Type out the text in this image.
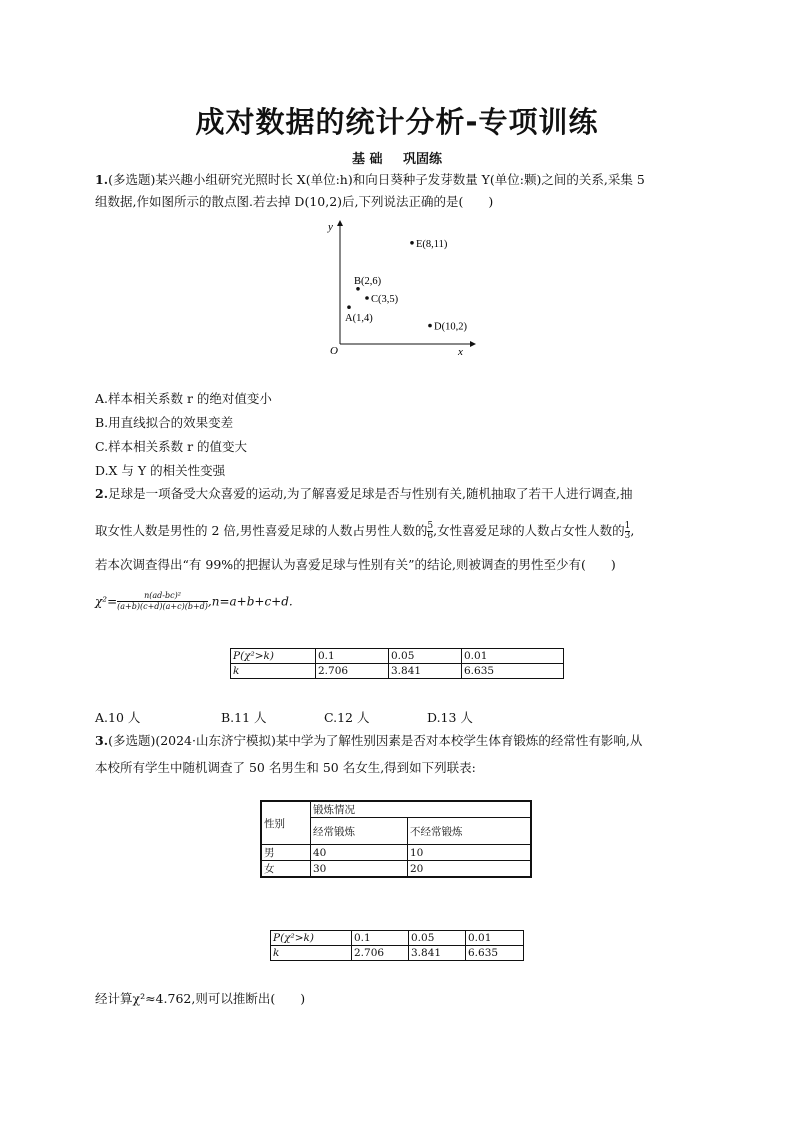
成对数据的统计分析-专项训练
基 础 巩固练
1.(多选题)某兴趣小组研究光照时长 X(单位:h)和向日葵种子发芽数量 Y(单位:颗)之间的关系,采集 5
组数据,作如图所示的散点图.若去掉 D(10,2)后,下列说法正确的是(　　)
x
y
O
A(1,4)
B(2,6)
C(3,5)
D(10,2)
E(8,11)
A.样本相关系数 r 的绝对值变小
B.用直线拟合的效果变差
C.样本相关系数 r 的值变大
D.X 与 Y 的相关性变强
2.足球是一项备受大众喜爱的运动,为了解喜爱足球是否与性别有关,随机抽取了若干人进行调查,抽
取女性人数是男性的 2 倍,男性喜爱足球的人数占男性人数的 $\frac{5}{6}$ ,女性喜爱足球的人数占女性人数的 $\frac{1}{3}$ ,
若本次调查得出“有 99%的把握认为喜爱足球与性别有关”的结论,则被调查的男性至少有(　　)
$\chi^2= \frac{\text{n(ad-bc)²}}{(a+b)(c+d)(a+c)(b+d)} ,n=a+b+c+d$.
P(χ²>k)	0.1	0.05	0.01
k	2.706	3.841	6.635
A.10 人	B.11 人	C.12 人	D.13 人
3.(多选题)(2024·山东济宁模拟)某中学为了解性别因素是否对本校学生体育锻炼的经常性有影响,从
本校所有学生中随机调查了 50 名男生和 50 名女生,得到如下列联表:
性别	锻炼情况	
	经常锻炼	不经常锻炼
男	40	10
女	30	20
P(χ²>k)	0.1	0.05	0.01
k	2.706	3.841	6.635
经计算χ²≈4.762,则可以推断出(　　)
